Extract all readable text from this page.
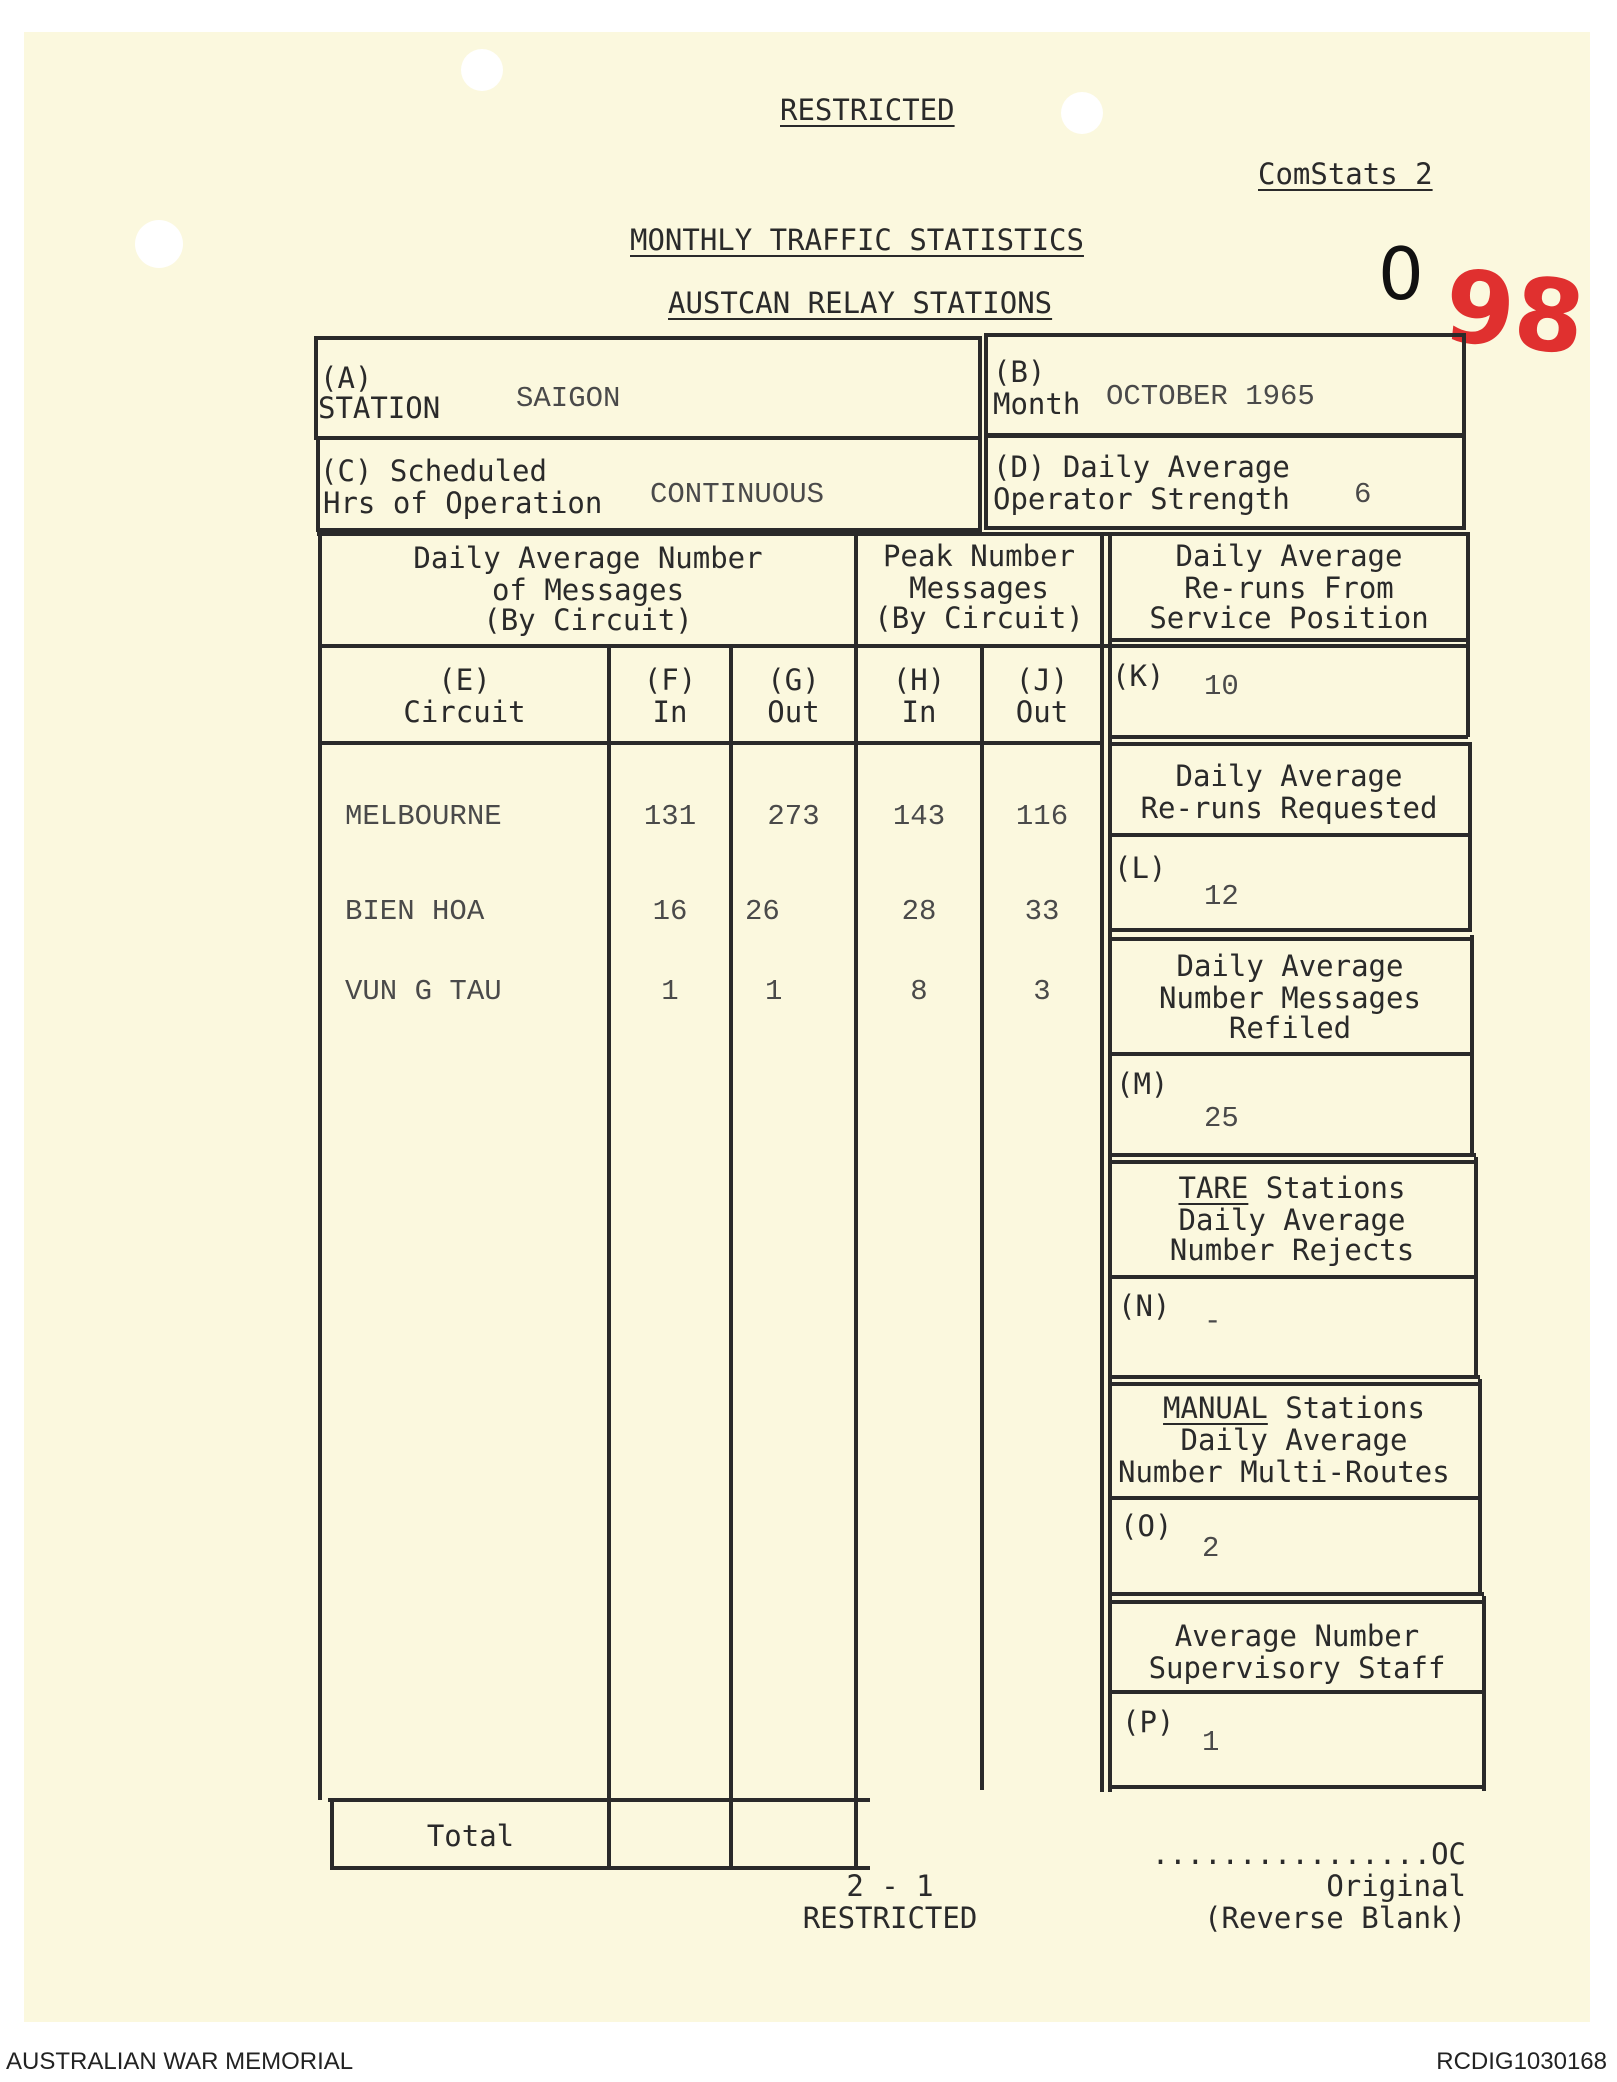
RESTRICTED
ComStats 2
MONTHLY TRAFFIC STATISTICS
AUSTCAN RELAY STATIONS	0 98
(A)
STATION	SAIGON
(B)
Month OCTOBER 1965
(C) Scheduled
Hrs of Operation CONTINUOUS
(D) Daily Average
Operator Strength 6
Daily Average Number
of Messages
(By Circuit)
Peak Number
Messages
(By Circuit)
(E)
Circuit
(F)
In
(G)
Out
(H)
In
(J)
Out
MELBOURNE	131	273	143	116
BIEN HOA	16	26	28	33
VUN G TAU	1	1	8	3
Total
Daily Average
Re-runs From
Service Position
(K) 10
Daily Average
Re-runs Requested
(L)
12
Daily Average
Number Messages
Refiled
(M)
25
TARE Stations
Daily Average
Number Rejects
(N) -
MANUAL Stations
Daily Average
Number Multi-Routes
(O)
2
Average Number
Supervisory Staff
(P)
1
2 - 1
RESTRICTED
................OC
Original
(Reverse Blank)
AUSTRALIAN WAR MEMORIAL	RCDIG1030168
